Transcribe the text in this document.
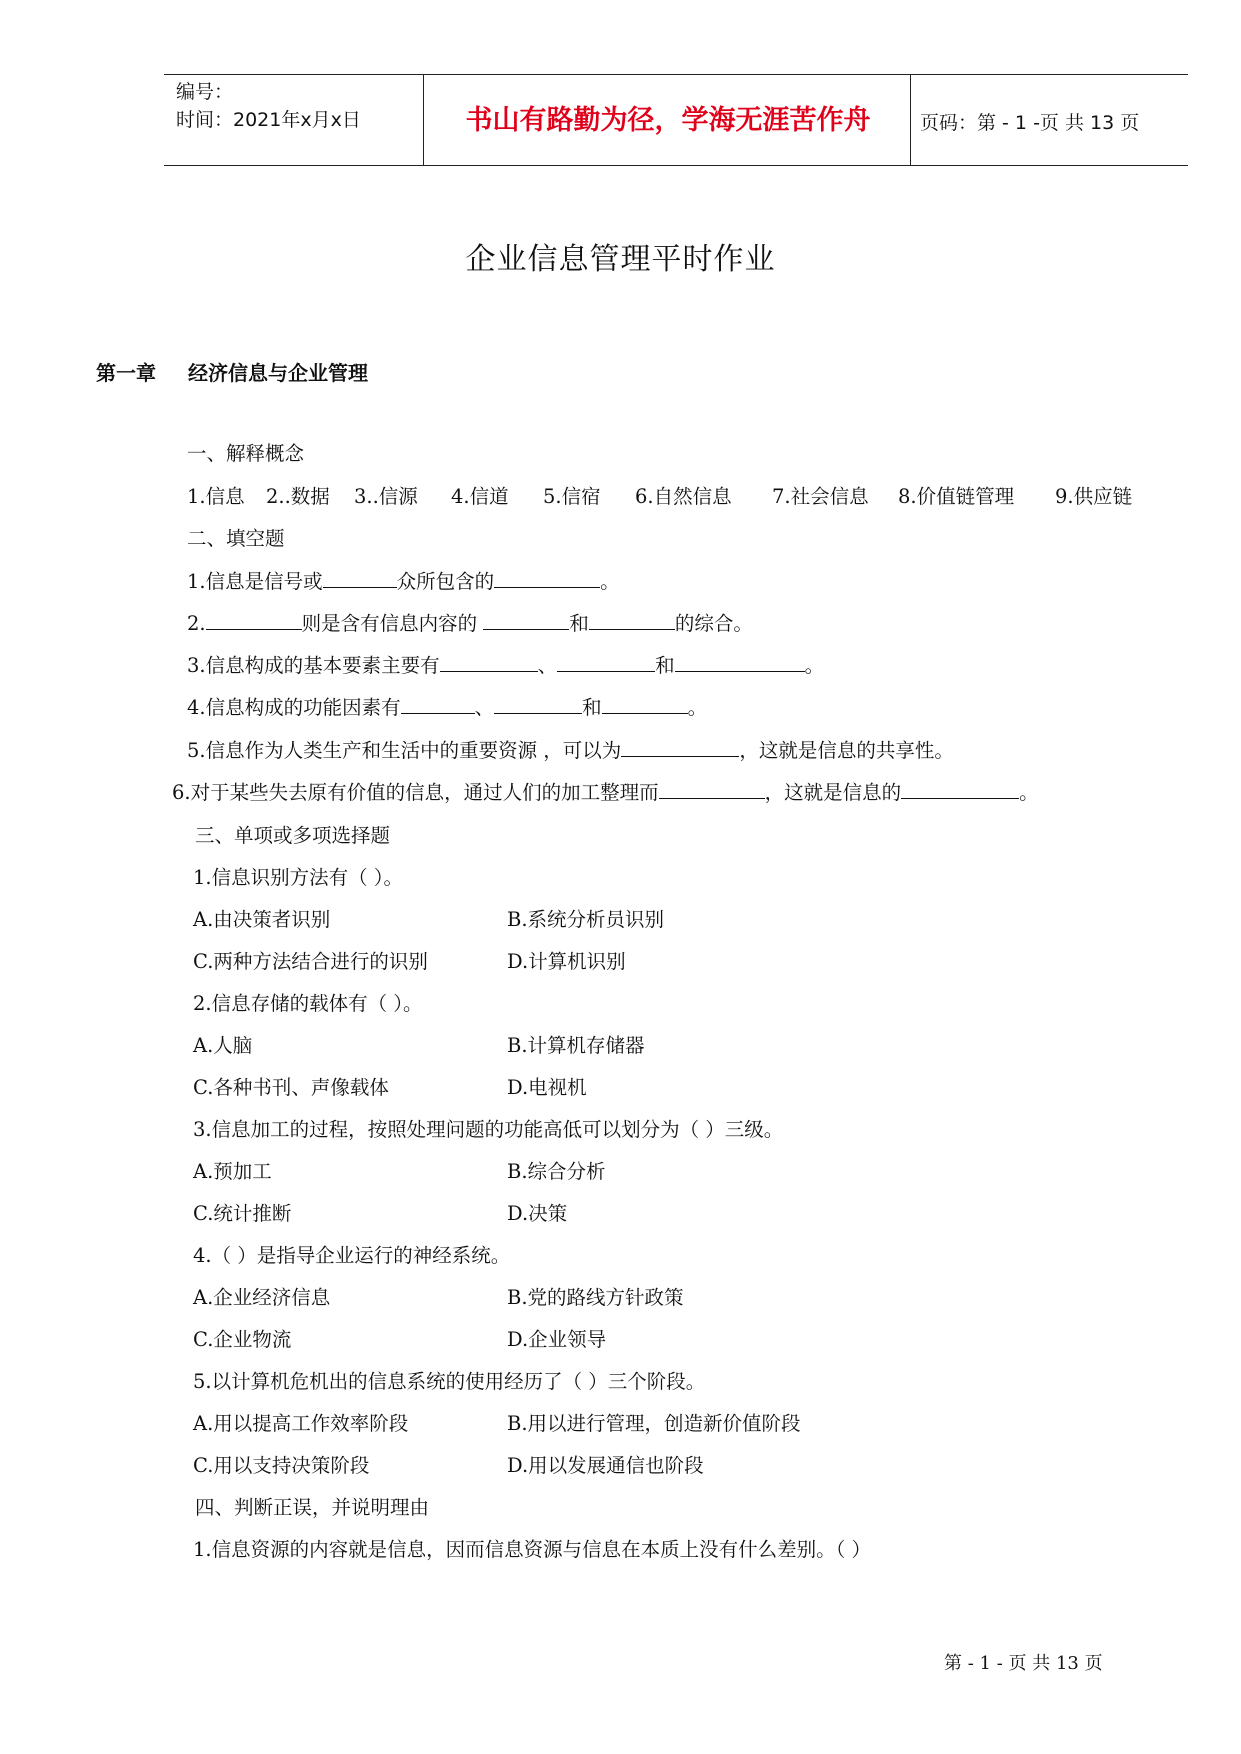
编号：
时间：2021年x月x日	书山有路勤为径，学海无涯苦作舟	页码：第 - 1 -页 共 13 页
企业信息管理平时作业
第一章 经济信息与企业管理
一、解释概念
1.信息 2..数据 3..信源 4.信道 5.信宿 6.自然信息 7.社会信息 8.价值链管理 9.供应链
二、填空题
1.信息是信号或	众所包含的	。
2.	则是含有信息内容的	和	的综合。
3.信息构成的基本要素主要有	、	和	。
4.信息构成的功能因素有	、	和	。
5.信息作为人类生产和生活中的重要资源 ，可以为	，这就是信息的共享性。
6.对于某些失去原有价值的信息，通过人们的加工整理而	，这就是信息的	。
三、单项或多项选择题
1.信息识别方法有（ ）。
A.由决策者识别	B.系统分析员识别
C.两种方法结合进行的识别	D.计算机识别
2.信息存储的载体有（ ）。
A.人脑	B.计算机存储器
C.各种书刊、声像载体	D.电视机
3.信息加工的过程，按照处理问题的功能高低可以划分为（ ）三级。
A.预加工	B.综合分析
C.统计推断	D.决策
4.（ ）是指导企业运行的神经系统。
A.企业经济信息	B.党的路线方针政策
C.企业物流	D.企业领导
5.以计算机危机出的信息系统的使用经历了（ ）三个阶段。
A.用以提高工作效率阶段	B.用以进行管理，创造新价值阶段
C.用以支持决策阶段	D.用以发展通信也阶段
四、判断正误，并说明理由
1.信息资源的内容就是信息，因而信息资源与信息在本质上没有什么差别。（ ）
第 - 1 - 页 共 13 页
